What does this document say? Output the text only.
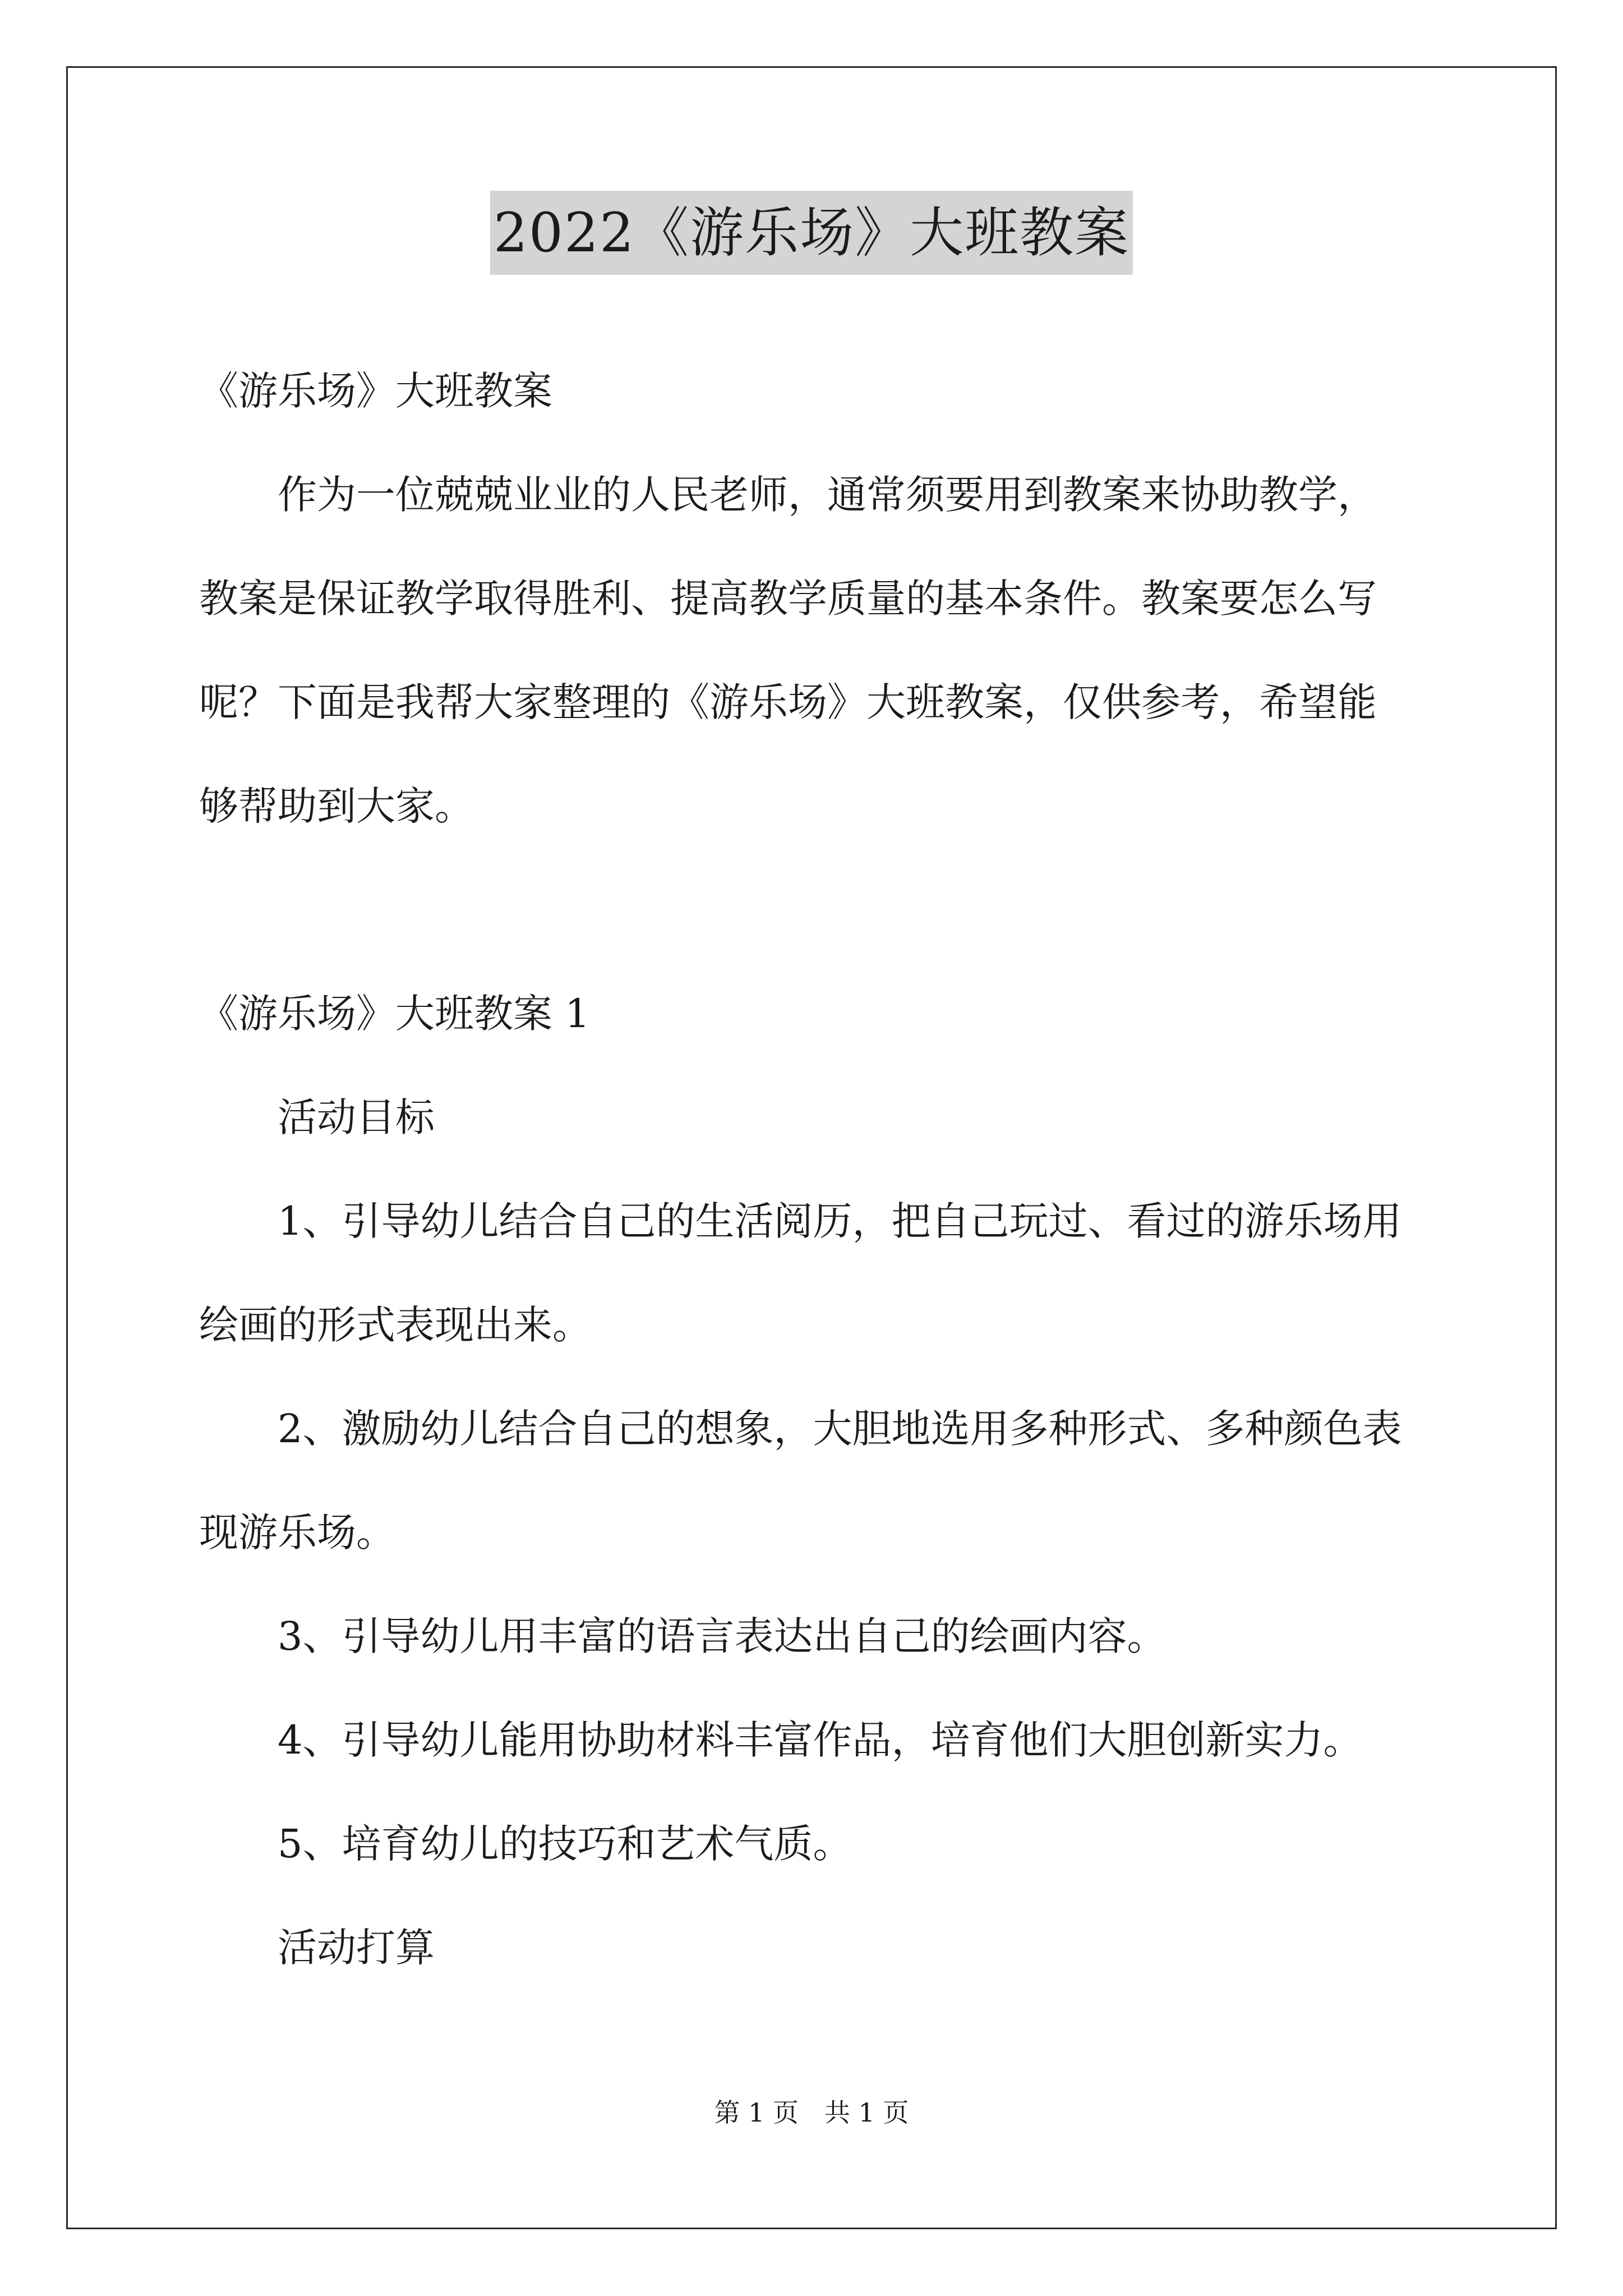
2022《游乐场》大班教案

《游乐场》大班教案

作为一位兢兢业业的人民老师，通常须要用到教案来协助教学，

教案是保证教学取得胜利、提高教学质量的基本条件。教案要怎么写

呢？下面是我帮大家整理的《游乐场》大班教案，仅供参考，希望能

够帮助到大家。

《游乐场》大班教案 1

活动目标

1、引导幼儿结合自己的生活阅历，把自己玩过、看过的游乐场用

绘画的形式表现出来。

2、激励幼儿结合自己的想象，大胆地选用多种形式、多种颜色表

现游乐场。

3、引导幼儿用丰富的语言表达出自己的绘画内容。

4、引导幼儿能用协助材料丰富作品，培育他们大胆创新实力。

5、培育幼儿的技巧和艺术气质。

活动打算

第 1 页　共 1 页
